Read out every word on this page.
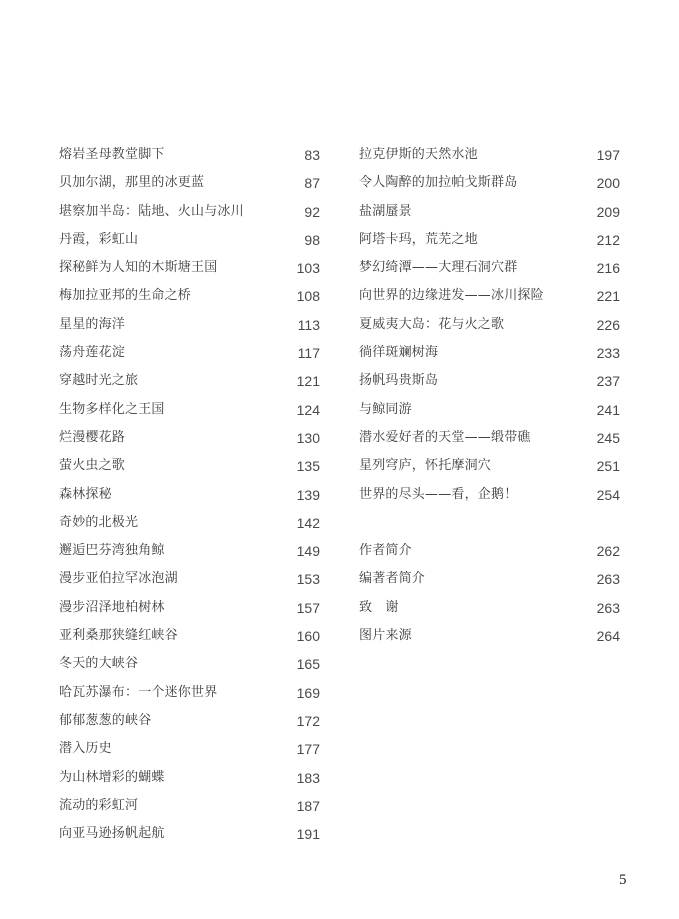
熔岩圣母教堂脚下	83
贝加尔湖，那里的冰更蓝	87
堪察加半岛：陆地、火山与冰川	92
丹霞，彩虹山	98
探秘鲜为人知的木斯塘王国	103
梅加拉亚邦的生命之桥	108
星星的海洋	113
荡舟莲花淀	117
穿越时光之旅	121
生物多样化之王国	124
烂漫樱花路	130
萤火虫之歌	135
森林探秘	139
奇妙的北极光	142
邂逅巴芬湾独角鲸	149
漫步亚伯拉罕冰泡湖	153
漫步沼泽地柏树林	157
亚利桑那狭缝红峡谷	160
冬天的大峡谷	165
哈瓦苏瀑布：一个迷你世界	169
郁郁葱葱的峡谷	172
潜入历史	177
为山林增彩的蝴蝶	183
流动的彩虹河	187
向亚马逊扬帆起航	191
拉克伊斯的天然水池	197
令人陶醉的加拉帕戈斯群岛	200
盐湖蜃景	209
阿塔卡玛，荒芜之地	212
梦幻绮潭——大理石洞穴群	216
向世界的边缘进发——冰川探险	221
夏威夷大岛：花与火之歌	226
徜徉斑斓树海	233
扬帆玛贵斯岛	237
与鲸同游	241
潜水爱好者的天堂——缎带礁	245
星列穹庐，怀托摩洞穴	251
世界的尽头——看，企鹅！	254
作者简介	262
编著者简介	263
致　谢	263
图片来源	264
5
